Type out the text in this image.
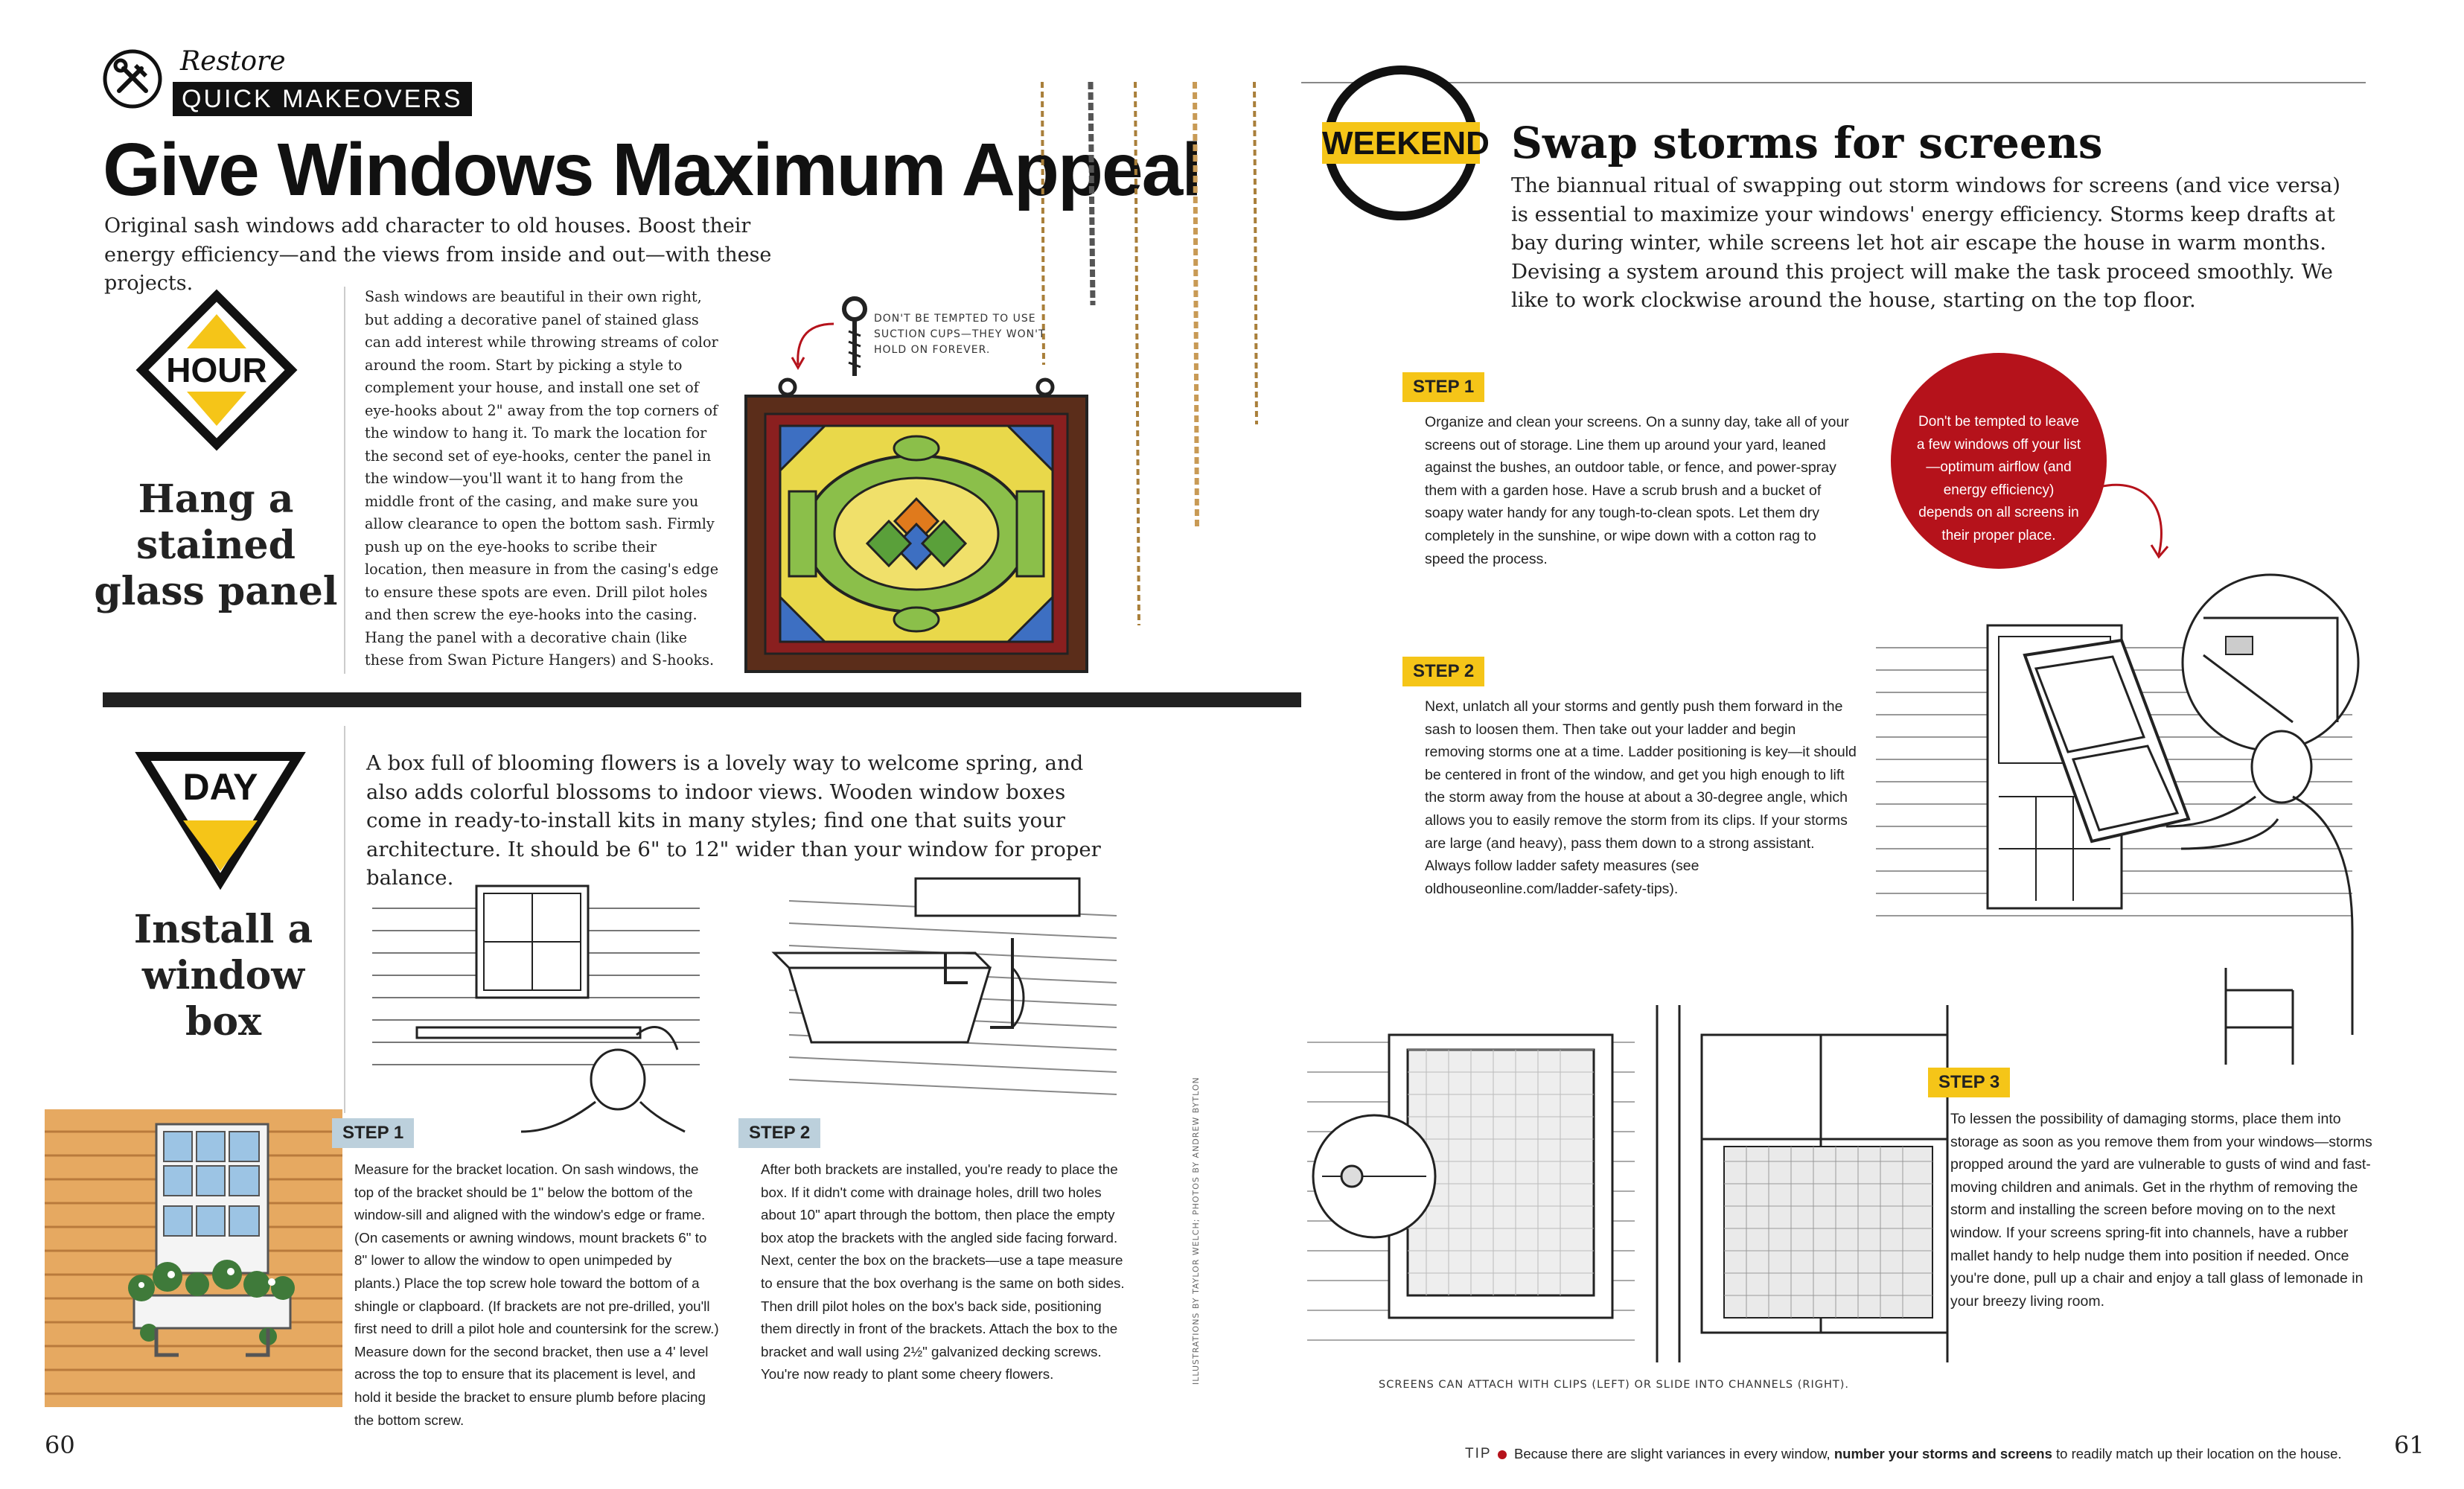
Restore
QUICK MAKEOVERS
Give Windows Maximum Appeal
Original sash windows add character to old houses. Boost their energy efficiency—and the views from inside and out—with these projects.
HOUR
Hang a stained glass panel
Sash windows are beautiful in their own right, but adding a decorative panel of stained glass can add interest while throwing streams of color around the room. Start by picking a style to complement your house, and install one set of eye-hooks about 2" away from the top corners of the window to hang it. To mark the location for the second set of eye-hooks, center the panel in the window—you'll want it to hang from the middle front of the casing, and make sure you allow clearance to open the bottom sash. Firmly push up on the eye-hooks to scribe their location, then measure in from the casing's edge to ensure these spots are even. Drill pilot holes and then screw the eye-hooks into the casing. Hang the panel with a decorative chain (like these from Swan Picture Hangers) and S-hooks.
DON'T BE TEMPTED TO USE SUCTION CUPS—THEY WON'T HOLD ON FOREVER.
DAY
Install a window box
A box full of blooming flowers is a lovely way to welcome spring, and also adds colorful blossoms to indoor views. Wooden window boxes come in ready-to-install kits in many styles; find one that suits your architecture. It should be 6" to 12" wider than your window for proper balance.
STEP 1
Measure for the bracket location. On sash windows, the top of the bracket should be 1" below the bottom of the window-sill and aligned with the window's edge or frame. (On casements or awning windows, mount brackets 6" to 8" lower to allow the window to open unimpeded by plants.) Place the top screw hole toward the bottom of a shingle or clapboard. (If brackets are not pre-drilled, you'll first need to drill a pilot hole and countersink for the screw.) Measure down for the second bracket, then use a 4' level across the top to ensure that its placement is level, and hold it beside the bracket to ensure plumb before placing the bottom screw.
STEP 2
After both brackets are installed, you're ready to place the box. If it didn't come with drainage holes, drill two holes about 10" apart through the bottom, then place the empty box atop the brackets with the angled side facing forward. Next, center the box on the brackets—use a tape measure to ensure that the box overhang is the same on both sides. Then drill pilot holes on the box's back side, positioning them directly in front of the brackets. Attach the box to the bracket and wall using 2½" galvanized decking screws. You're now ready to plant some cheery flowers.	ILLUSTRATIONS BY TAYLOR WELCH; PHOTOS BY ANDREW BYTLON
60
WEEKEND Swap storms for screens
The biannual ritual of swapping out storm windows for screens (and vice versa) is essential to maximize your windows' energy efficiency. Storms keep drafts at bay during winter, while screens let hot air escape the house in warm months. Devising a system around this project will make the task proceed smoothly. We like to work clockwise around the house, starting on the top floor.
STEP 1
Organize and clean your screens. On a sunny day, take all of your screens out of storage. Line them up around your yard, leaned against the bushes, an outdoor table, or fence, and power-spray them with a garden hose. Have a scrub brush and a bucket of soapy water handy for any tough-to-clean spots. Let them dry completely in the sunshine, or wipe down with a cotton rag to speed the process.
Don't be tempted to leave a few windows off your list—optimum airflow (and energy efficiency) depends on all screens in their proper place.
STEP 2
Next, unlatch all your storms and gently push them forward in the sash to loosen them. Then take out your ladder and begin removing storms one at a time. Ladder positioning is key—it should be centered in front of the window, and get you high enough to lift the storm away from the house at about a 30-degree angle, which allows you to easily remove the storm from its clips. If your storms are large (and heavy), pass them down to a strong assistant. Always follow ladder safety measures (see oldhouseonline.com/ladder-safety-tips).
SCREENS CAN ATTACH WITH CLIPS (LEFT) OR SLIDE INTO CHANNELS (RIGHT).
STEP 3
To lessen the possibility of damaging storms, place them into storage as soon as you remove them from your windows—storms propped around the yard are vulnerable to gusts of wind and fast-moving children and animals. Get in the rhythm of removing the storm and installing the screen before moving on to the next window. If your screens spring-fit into channels, have a rubber mallet handy to help nudge them into position if needed. Once you're done, pull up a chair and enjoy a tall glass of lemonade in your breezy living room.
TIP Because there are slight variances in every window, number your storms and screens to readily match up their location on the house. 61
